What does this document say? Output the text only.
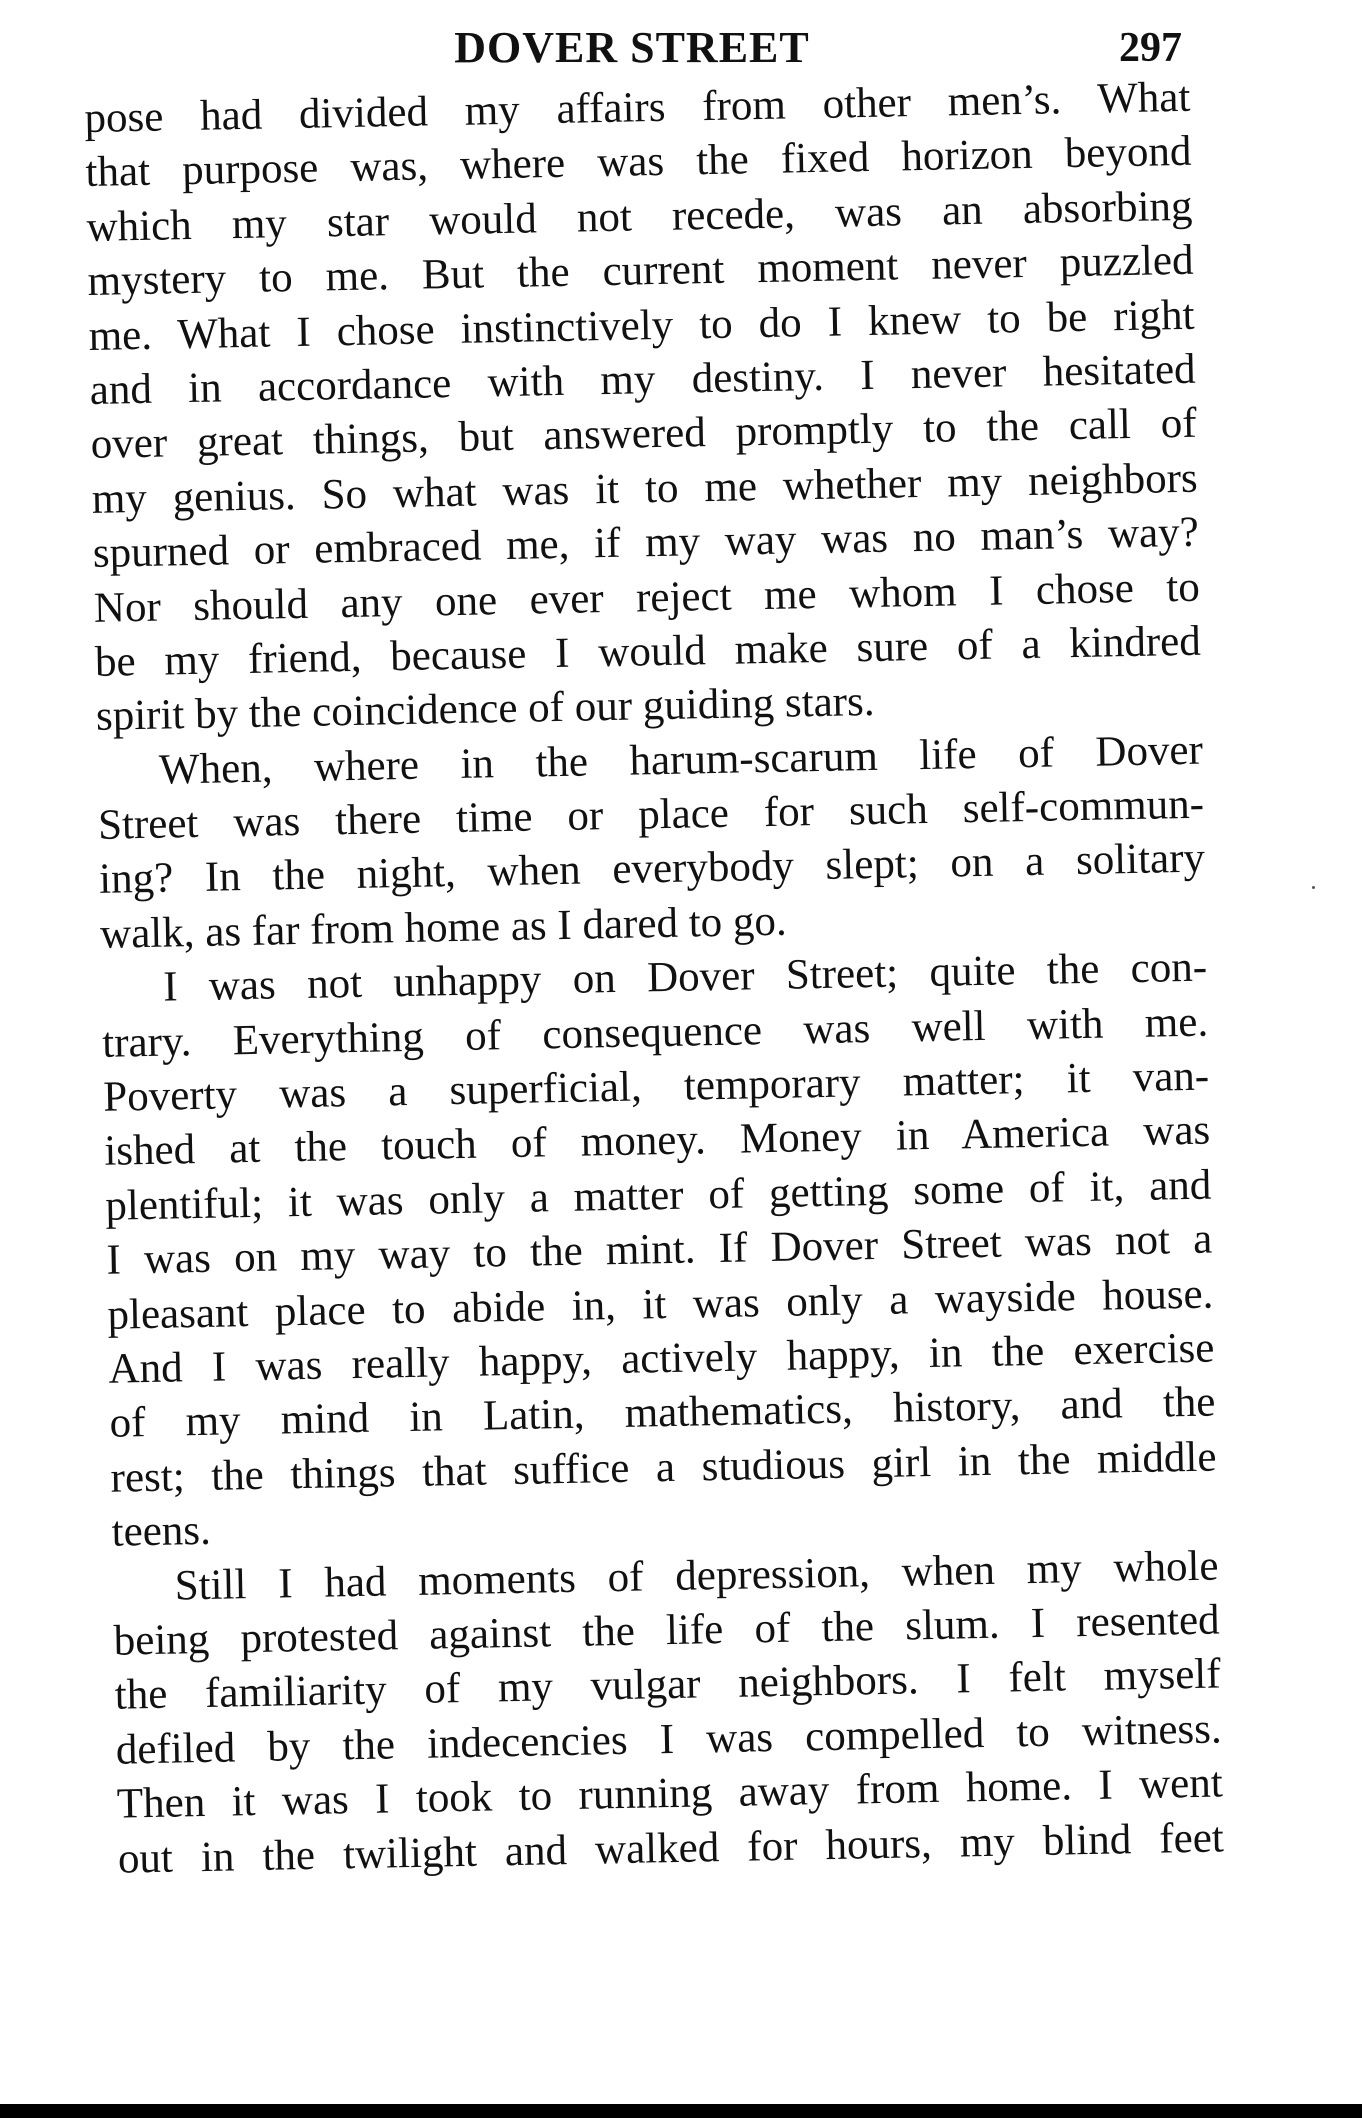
DOVER STREET	297
pose had divided my affairs from other men’s. What
that purpose was, where was the fixed horizon beyond
which my star would not recede, was an absorbing
mystery to me. But the current moment never puzzled
me. What I chose instinctively to do I knew to be right
and in accordance with my destiny. I never hesitated
over great things, but answered promptly to the call of
my genius. So what was it to me whether my neighbors
spurned or embraced me, if my way was no man’s way?
Nor should any one ever reject me whom I chose to
be my friend, because I would make sure of a kindred
spirit by the coincidence of our guiding stars.
When, where in the harum-scarum life of Dover
Street was there time or place for such self-commun-
ing? In the night, when everybody slept; on a solitary
walk, as far from home as I dared to go.
I was not unhappy on Dover Street; quite the con-
trary. Everything of consequence was well with me.
Poverty was a superficial, temporary matter; it van-
ished at the touch of money. Money in America was
plentiful; it was only a matter of getting some of it, and
I was on my way to the mint. If Dover Street was not a
pleasant place to abide in, it was only a wayside house.
And I was really happy, actively happy, in the exercise
of my mind in Latin, mathematics, history, and the
rest; the things that suffice a studious girl in the middle
teens.
Still I had moments of depression, when my whole
being protested against the life of the slum. I resented
the familiarity of my vulgar neighbors. I felt myself
defiled by the indecencies I was compelled to witness.
Then it was I took to running away from home. I went
out in the twilight and walked for hours, my blind feet
